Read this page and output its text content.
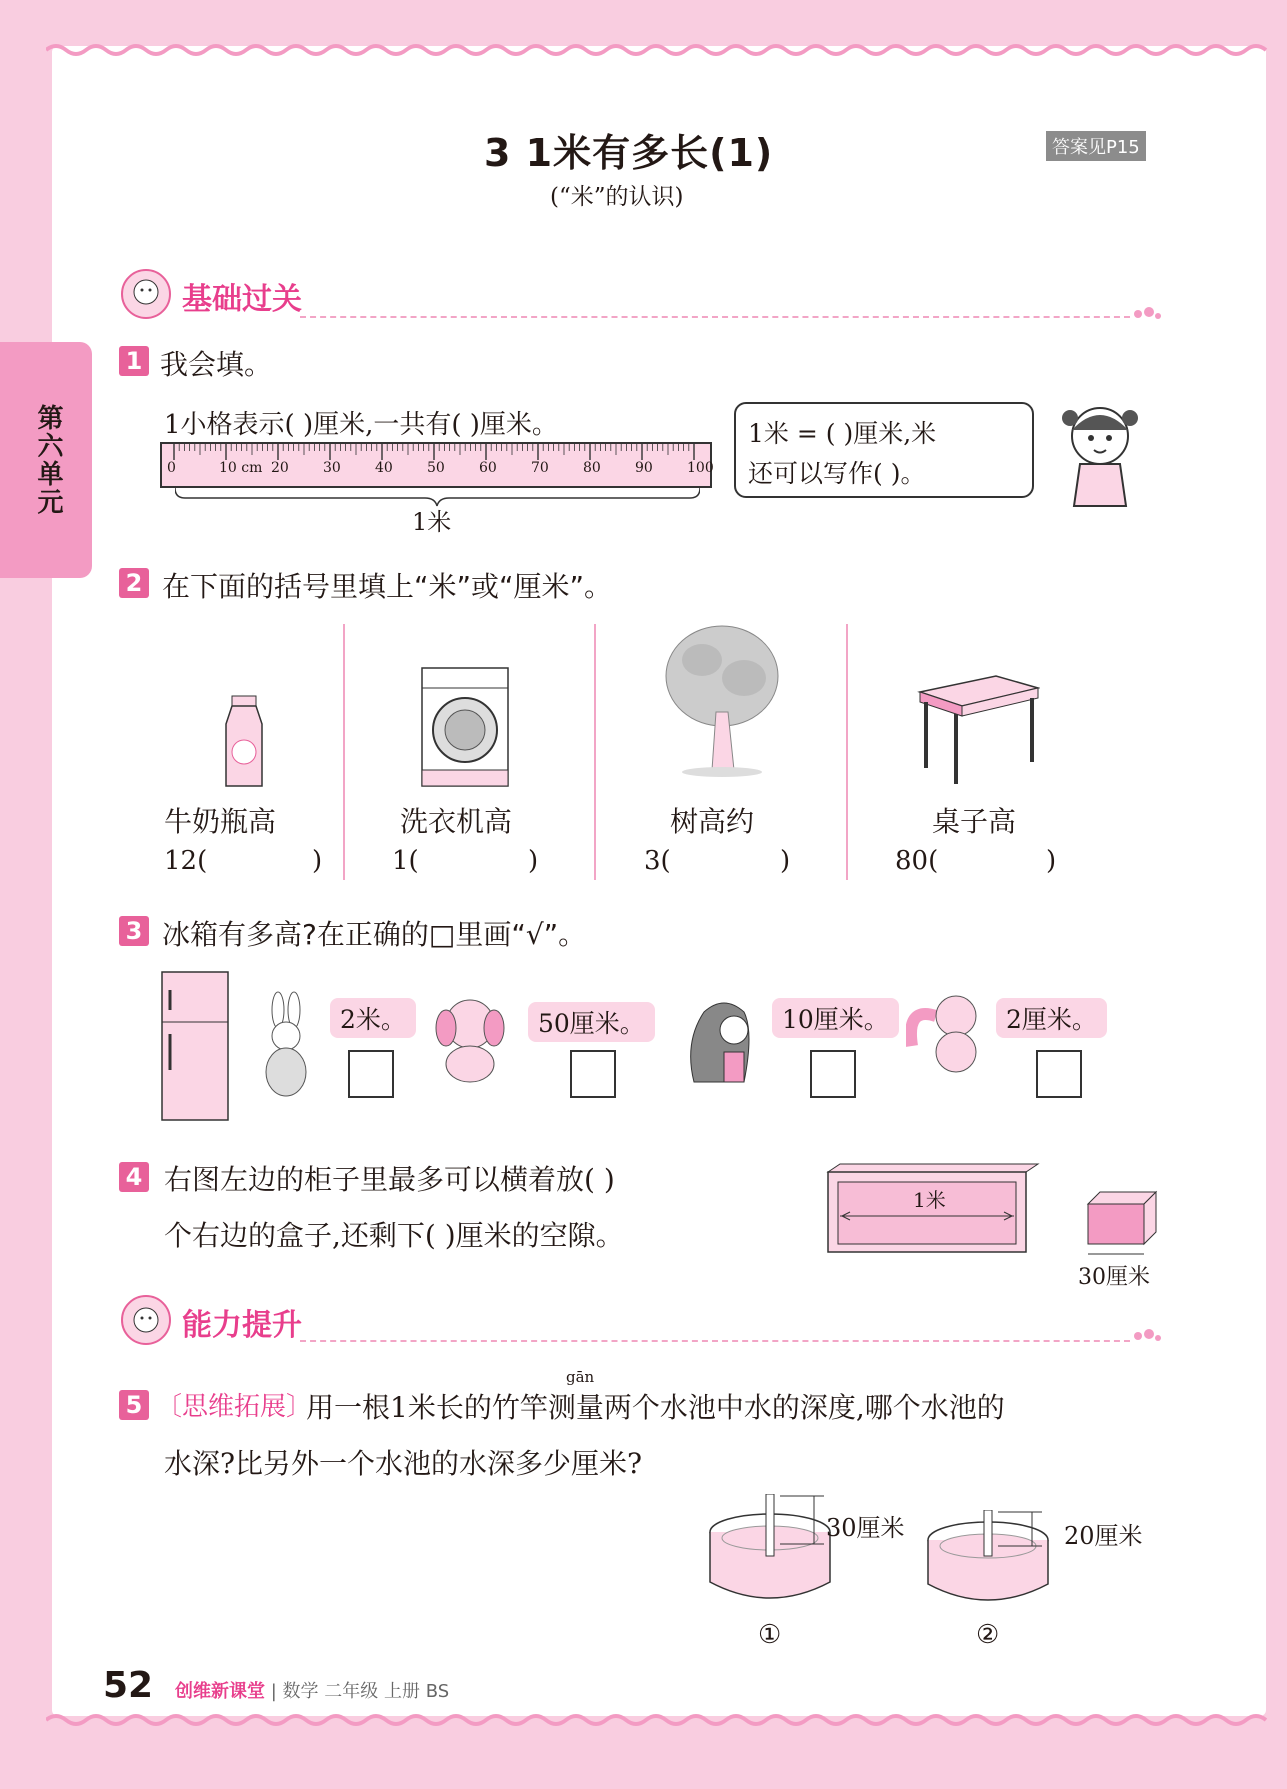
第六单元
3 1米有多长(1)
(“米”的认识)
答案见P15
基础过关
1 我会填。
1小格表示( )厘米,一共有( )厘米。
0	10 cm 20 30 40 50 60 70 80 90 100
1米
1米 = ( )厘米,米
还可以写作( )。
2 在下面的括号里填上“米”或“厘米”。
牛奶瓶高	洗衣机高	树高约	桌子高
12(	)	1(	)	3(	)	80(	)
3 冰箱有多高?在正确的□里画“√”。
2米。	50厘米。	10厘米。	2厘米。
4 右图左边的柜子里最多可以横着放( )
个右边的盒子,还剩下( )厘米的空隙。
1米
30厘米
能力提升
5 〔思维拓展〕
gān
用一根1米长的竹竿测量两个水池中水的深度,哪个水池的
水深?比另外一个水池的水深多少厘米?
30厘米
①
20厘米
②
52 创维新课堂 | 数学 二年级 上册 BS
